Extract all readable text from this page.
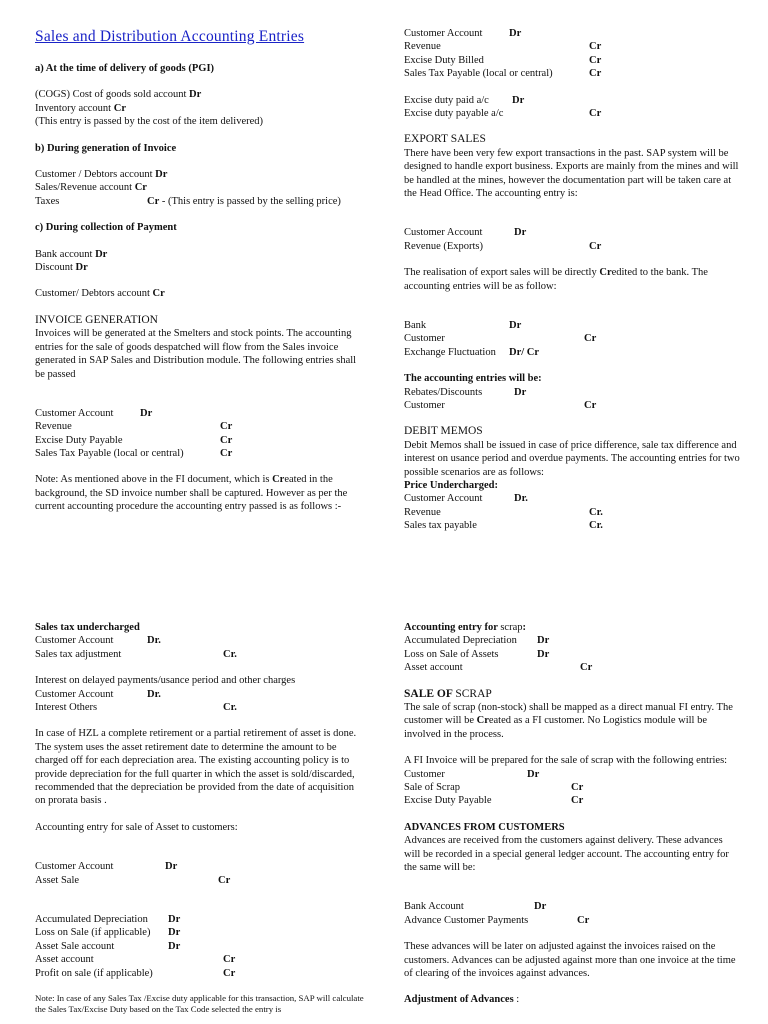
Sales and Distribution Accounting Entries
a) At the time of delivery of goods (PGI)
(COGS) Cost of goods sold account Dr
Inventory account Cr
(This entry is passed by the cost of the item delivered)
b) During generation of Invoice
Customer / Debtors account Dr
Sales/Revenue account Cr
Taxes	Cr - (This entry is passed by the selling price)
c) During collection of Payment
Bank account Dr
Discount Dr
Customer/ Debtors account Cr
INVOICE GENERATION
Invoices will be generated at the Smelters and stock points. The accounting entries for the sale of goods despatched will flow from the Sales invoice generated in SAP Sales and Distribution module. The following entries shall be passed
Customer Account	Dr
Revenue	Cr
Excise Duty Payable	Cr
Sales Tax Payable (local or central)	Cr
Note: As mentioned above in the FI document, which is Created in the background, the SD invoice number shall be captured. However as per the current accounting procedure the accounting entry passed is as follows :-
Customer Account	Dr
Revenue	Cr
Excise Duty Billed	Cr
Sales Tax Payable (local or central)	Cr
Excise duty paid a/c Dr
Excise duty payable a/c	Cr
EXPORT SALES
There have been very few export transactions in the past. SAP system will be designed to handle export business. Exports are mainly from the mines and will be handled at the mines, however the documentation part will be taken care at the Head Office. The accounting entry is:
Customer Account	Dr
Revenue (Exports)	Cr
The realisation of export sales will be directly Credited to the bank. The accounting entries will be as follow:
Bank	Dr
Customer	Cr
Exchange Fluctuation Dr/ Cr
The accounting entries will be:
Rebates/Discounts	Dr
Customer	Cr
DEBIT MEMOS
Debit Memos shall be issued in case of price difference, sale tax difference and interest on usance period and overdue payments. The accounting entries for two possible scenarios are as follows:
Price Undercharged:
Customer Account	Dr.
Revenue	Cr.
Sales tax payable	Cr.
Sales tax undercharged
Customer Account	Dr.
Sales tax adjustment	Cr.
Interest on delayed payments/usance period and other charges
Customer Account	Dr.
Interest Others	Cr.
In case of HZL a complete retirement or a partial retirement of asset is done. The system uses the asset retirement date to determine the amount to be charged off for each depreciation area. The existing accounting policy is to provide depreciation for the full quarter in which the asset is sold/discarded, recommended that the depreciation be provided from the date of acquisition on prorata basis .
Accounting entry for sale of Asset to customers:
Customer Account	Dr
Asset Sale	Cr
Accumulated Depreciation Dr
Loss on Sale (if applicable) Dr
Asset Sale account	Dr
Asset account	Cr
Profit on sale (if applicable)	Cr
Note: In case of any Sales Tax /Excise duty applicable for this transaction, SAP will calculate the Sales Tax/Excise Duty based on the Tax Code selected the entry is
Accounting entry for scrap:
Accumulated Depreciation Dr
Loss on Sale of Assets	Dr
Asset account	Cr
SALE OF SCRAP
The sale of scrap (non-stock) shall be mapped as a direct manual FI entry. The customer will be Created as a FI customer. No Logistics module will be involved in the process.
A FI Invoice will be prepared for the sale of scrap with the following entries:
Customer	Dr
Sale of Scrap	Cr
Excise Duty Payable	Cr
ADVANCES FROM CUSTOMERS
Advances are received from the customers against delivery. These advances will be recorded in a special general ledger account. The accounting entry for the same will be:
Bank Account	Dr
Advance Customer Payments	Cr
These advances will be later on adjusted against the invoices raised on the customers. Advances can be adjusted against more than one invoice at the time of clearing of the invoices against advances.
Adjustment of Advances :
